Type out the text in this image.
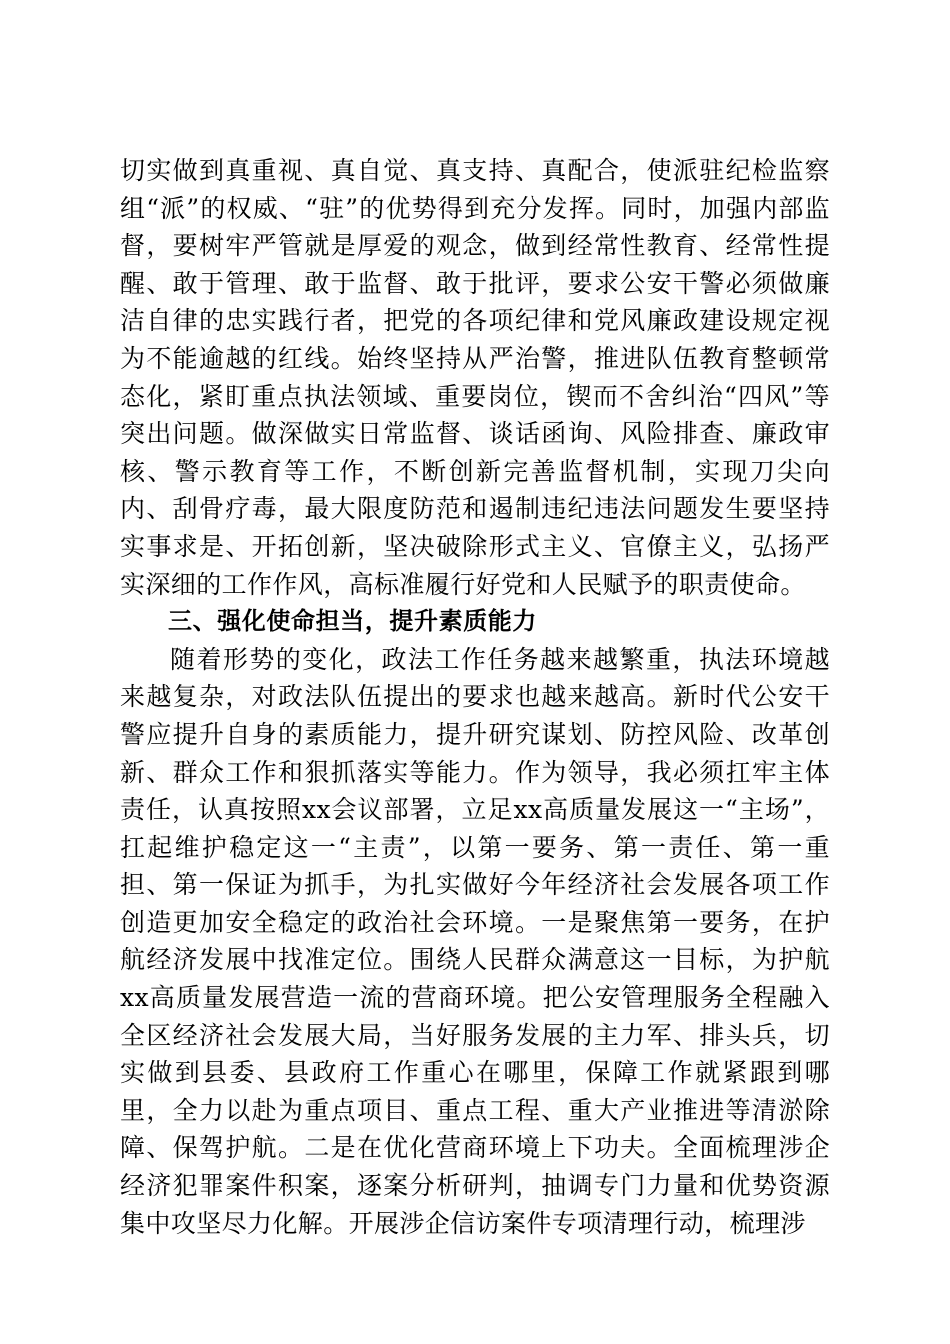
切实做到真重视、真自觉、真支持、真配合，使派驻纪检监察组“派”的权威、“驻”的优势得到充分发挥。同时，加强内部监督，要树牢严管就是厚爱的观念，做到经常性教育、经常性提醒、敢于管理、敢于监督、敢于批评，要求公安干警必须做廉洁自律的忠实践行者，把党的各项纪律和党风廉政建设规定视为不能逾越的红线。始终坚持从严治警，推进队伍教育整顿常态化，紧盯重点执法领域、重要岗位，锲而不舍纠治“四风”等突出问题。做深做实日常监督、谈话函询、风险排查、廉政审核、警示教育等工作，不断创新完善监督机制，实现刀尖向内、刮骨疗毒，最大限度防范和遏制违纪违法问题发生要坚持实事求是、开拓创新，坚决破除形式主义、官僚主义，弘扬严实深细的工作作风，高标准履行好党和人民赋予的职责使命。

三、强化使命担当，提升素质能力

随着形势的变化，政法工作任务越来越繁重，执法环境越来越复杂，对政法队伍提出的要求也越来越高。新时代公安干警应提升自身的素质能力，提升研究谋划、防控风险、改革创新、群众工作和狠抓落实等能力。作为领导，我必须扛牢主体责任，认真按照xx会议部署，立足xx高质量发展这一“主场”，扛起维护稳定这一“主责”，以第一要务、第一责任、第一重担、第一保证为抓手，为扎实做好今年经济社会发展各项工作创造更加安全稳定的政治社会环境。一是聚焦第一要务，在护航经济发展中找准定位。围绕人民群众满意这一目标，为护航xx高质量发展营造一流的营商环境。把公安管理服务全程融入全区经济社会发展大局，当好服务发展的主力军、排头兵，切实做到县委、县政府工作重心在哪里，保障工作就紧跟到哪里，全力以赴为重点项目、重点工程、重大产业推进等清淤除障、保驾护航。二是在优化营商环境上下功夫。全面梳理涉企经济犯罪案件积案，逐案分析研判，抽调专门力量和优势资源集中攻坚尽力化解。开展涉企信访案件专项清理行动，梳理涉
